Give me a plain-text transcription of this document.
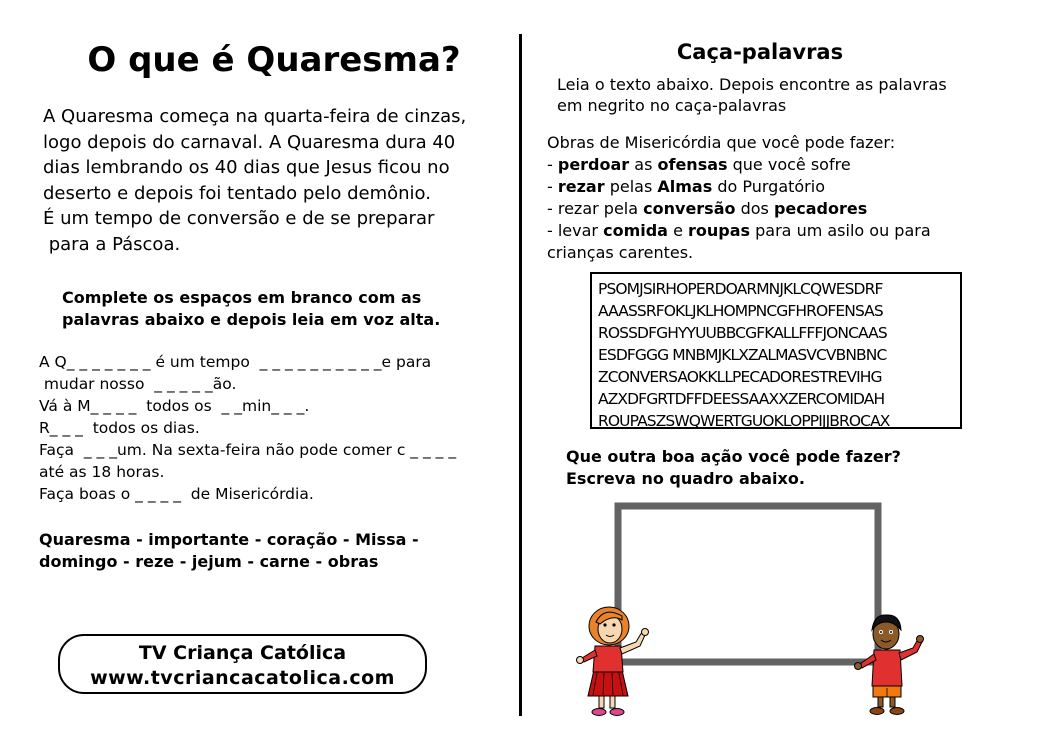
O que é Quaresma?
A Quaresma começa na quarta-feira de cinzas,
logo depois do carnaval. A Quaresma dura 40
dias lembrando os 40 dias que Jesus ficou no
deserto e depois foi tentado pelo demônio.
É um tempo de conversão e de se preparar
para a Páscoa.
Complete os espaços em branco com as
palavras abaixo e depois leia em voz alta.
A Q_ _ _ _ _ _ _ é um tempo  _ _ _ _ _ _ _ _ _ _e para
mudar nosso  _ _ _ _ _ão.
Vá à M_ _ _ _  todos os  _ _min_ _ _.
R_ _ _  todos os dias.
Faça  _ _ _um. Na sexta-feira não pode comer c _ _ _ _
até as 18 horas.
Faça boas o _ _ _ _  de Misericórdia.
Quaresma - importante - coração - Missa -
domingo - reze - jejum - carne - obras
TV Criança Católica
www.tvcriancacatolica.com
Caça-palavras
Leia o texto abaixo. Depois encontre as palavras
em negrito no caça-palavras
Obras de Misericórdia que você pode fazer:
- perdoar as ofensas que você sofre
- rezar pelas Almas do Purgatório
- rezar pela conversão dos pecadores
- levar comida e roupas para um asilo ou para
crianças carentes.
PSOMJSIRHOPERDOARMNJKLCQWESDRF
AAASSRFOKLJKLHOMPNCGFHROFENSAS
ROSSDFGHYYUUBBCGFKALLFFFJONCAAS
ESDFGGG MNBMJKLXZALMASVCVBNBNC
ZCONVERSAOKKLLPECADORESTREVIHG
AZXDFGRTDFFDEESSAAXXZERCOMIDAH
ROUPASZSWQWERTGUOKLOPPIJJBROCAX
Que outra boa ação você pode fazer?
Escreva no quadro abaixo.
